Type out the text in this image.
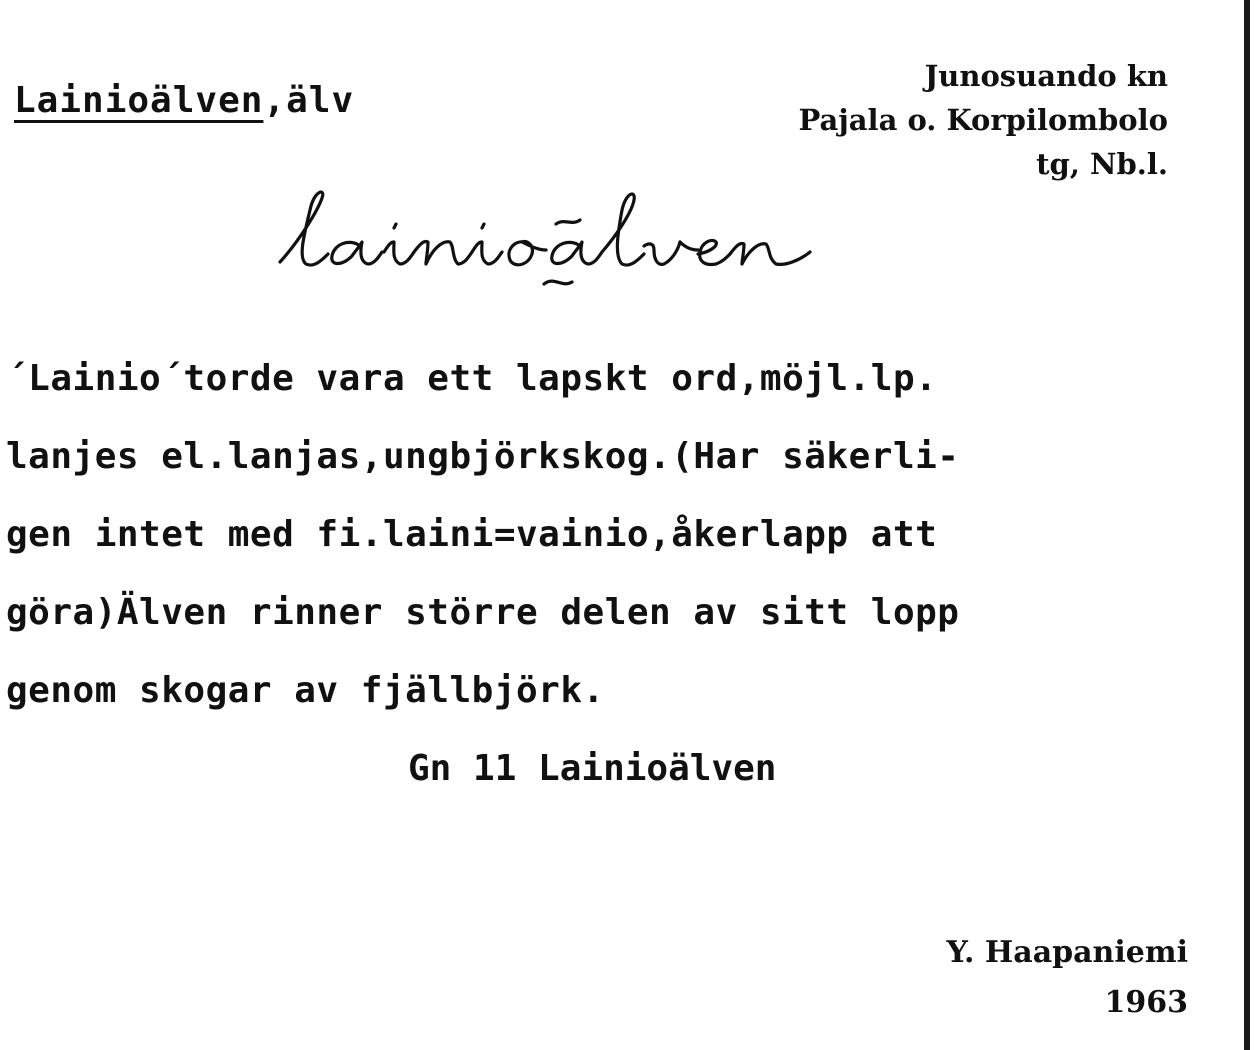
Lainioälven,älv
Junosuando kn
Pajala o. Korpilombolo
tg, Nb.l.
´Lainio´torde vara ett lapskt ord,möjl.lp.
lanjes el.lanjas,ungbjörkskog.(Har säkerli-
gen intet med fi.laini=vainio,åkerlapp att
göra)Älven rinner större delen av sitt lopp
genom skogar av fjällbjörk.
Gn 11 Lainioälven
Y. Haapaniemi
1963
